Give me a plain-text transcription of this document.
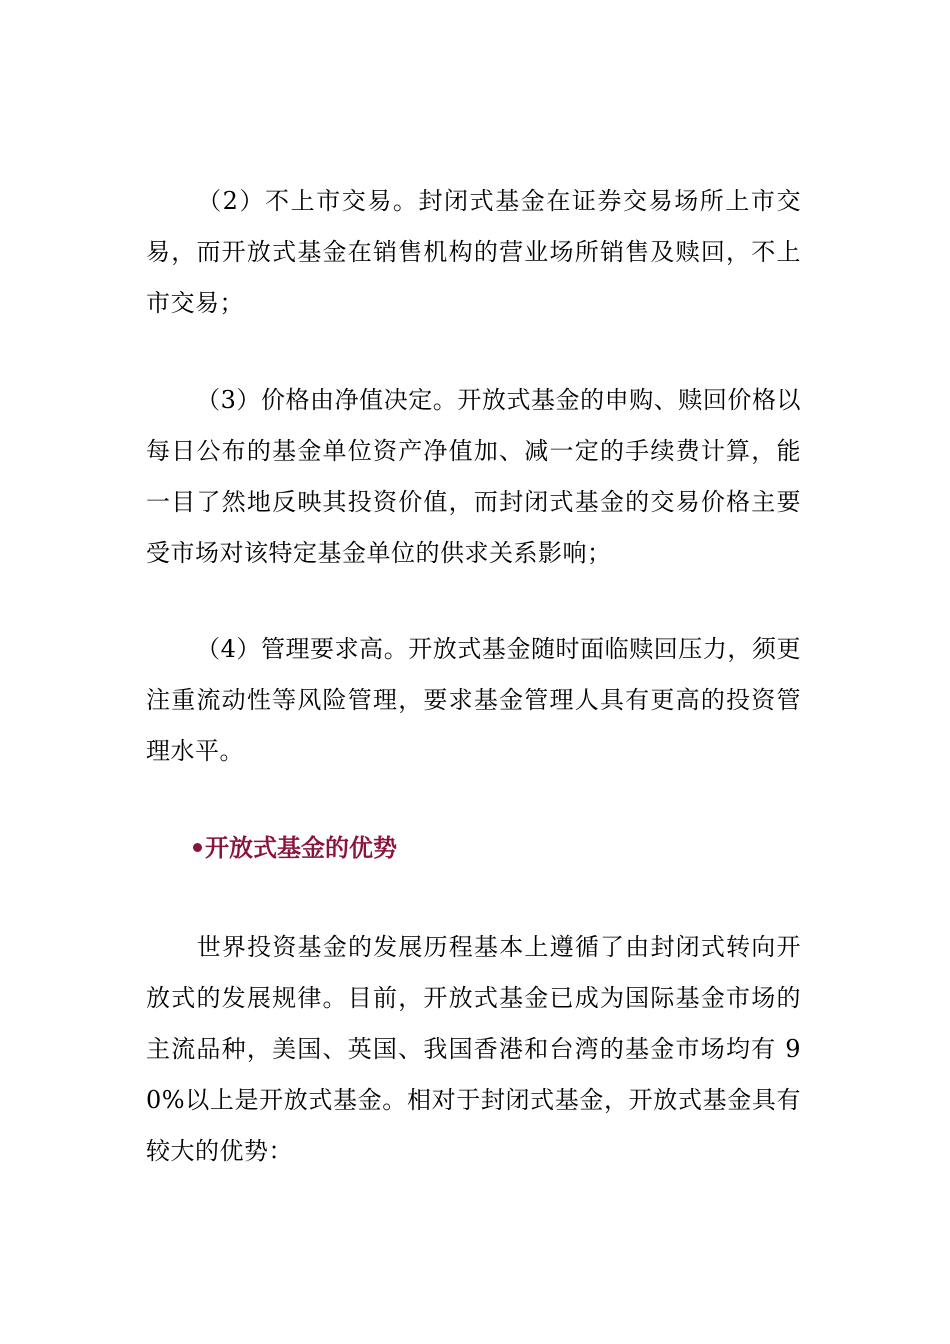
（2）不上市交易。封闭式基金在证券交易场所上市交易，而开放式基金在销售机构的营业场所销售及赎回，不上市交易；

（3）价格由净值决定。开放式基金的申购、赎回价格以每日公布的基金单位资产净值加、减一定的手续费计算，能一目了然地反映其投资价值，而封闭式基金的交易价格主要受市场对该特定基金单位的供求关系影响；

（4）管理要求高。开放式基金随时面临赎回压力，须更注重流动性等风险管理，要求基金管理人具有更高的投资管理水平。

开放式基金的优势

世界投资基金的发展历程基本上遵循了由封闭式转向开放式的发展规律。目前，开放式基金已成为国际基金市场的主流品种，美国、英国、我国香港和台湾的基金市场均有 90%以上是开放式基金。相对于封闭式基金，开放式基金具有较大的优势：
